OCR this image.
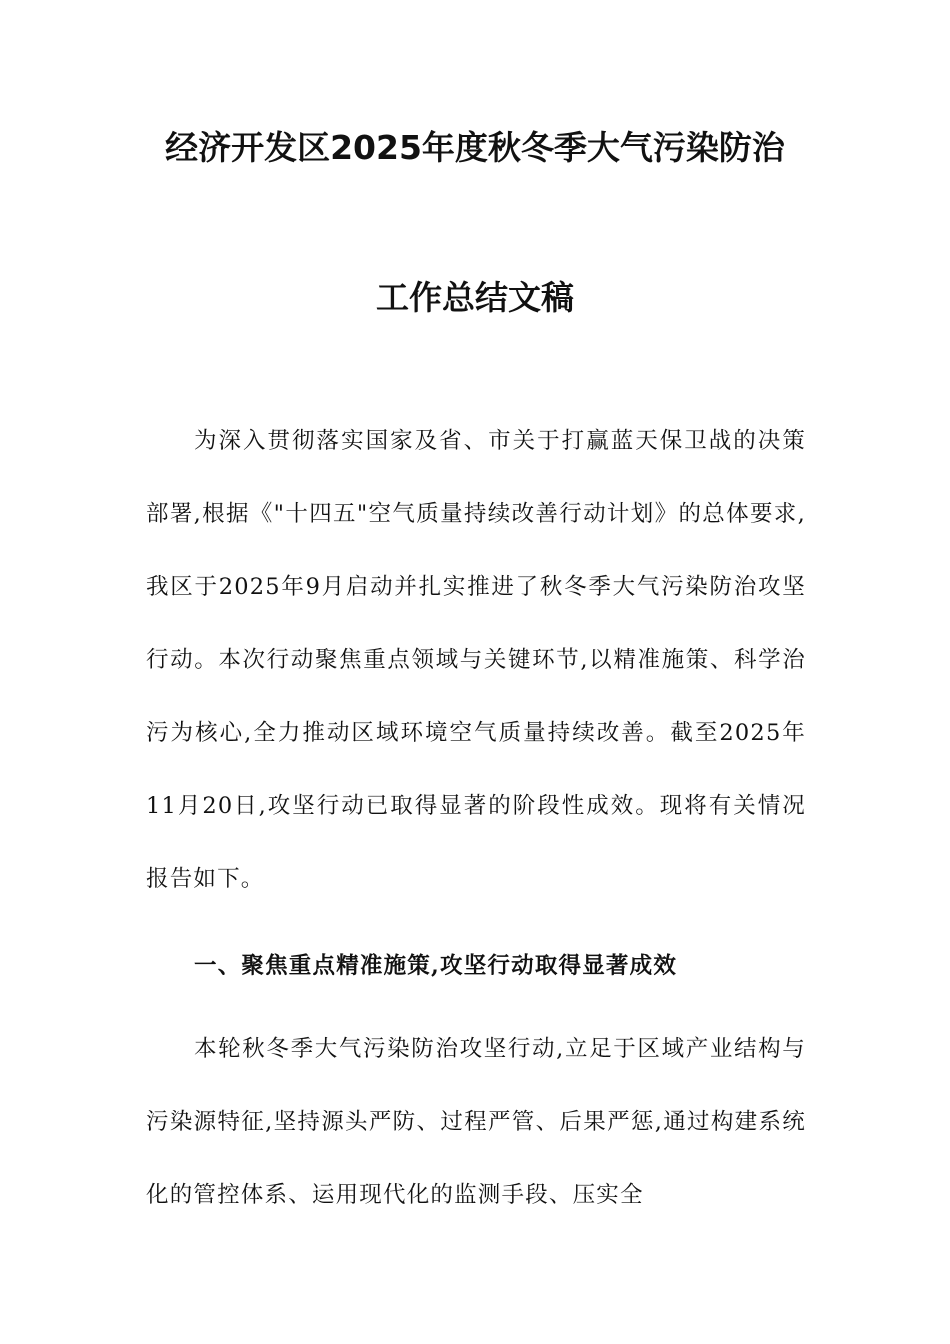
经济开发区2025年度秋冬季大气污染防治
工作总结文稿

为深入贯彻落实国家及省、市关于打赢蓝天保卫战的决策部署,根据《"十四五"空气质量持续改善行动计划》的总体要求,我区于2025年9月启动并扎实推进了秋冬季大气污染防治攻坚行动。本次行动聚焦重点领域与关键环节,以精准施策、科学治污为核心,全力推动区域环境空气质量持续改善。截至2025年11月20日,攻坚行动已取得显著的阶段性成效。现将有关情况报告如下。

一、聚焦重点精准施策,攻坚行动取得显著成效

本轮秋冬季大气污染防治攻坚行动,立足于区域产业结构与污染源特征,坚持源头严防、过程严管、后果严惩,通过构建系统化的管控体系、运用现代化的监测手段、压实全
